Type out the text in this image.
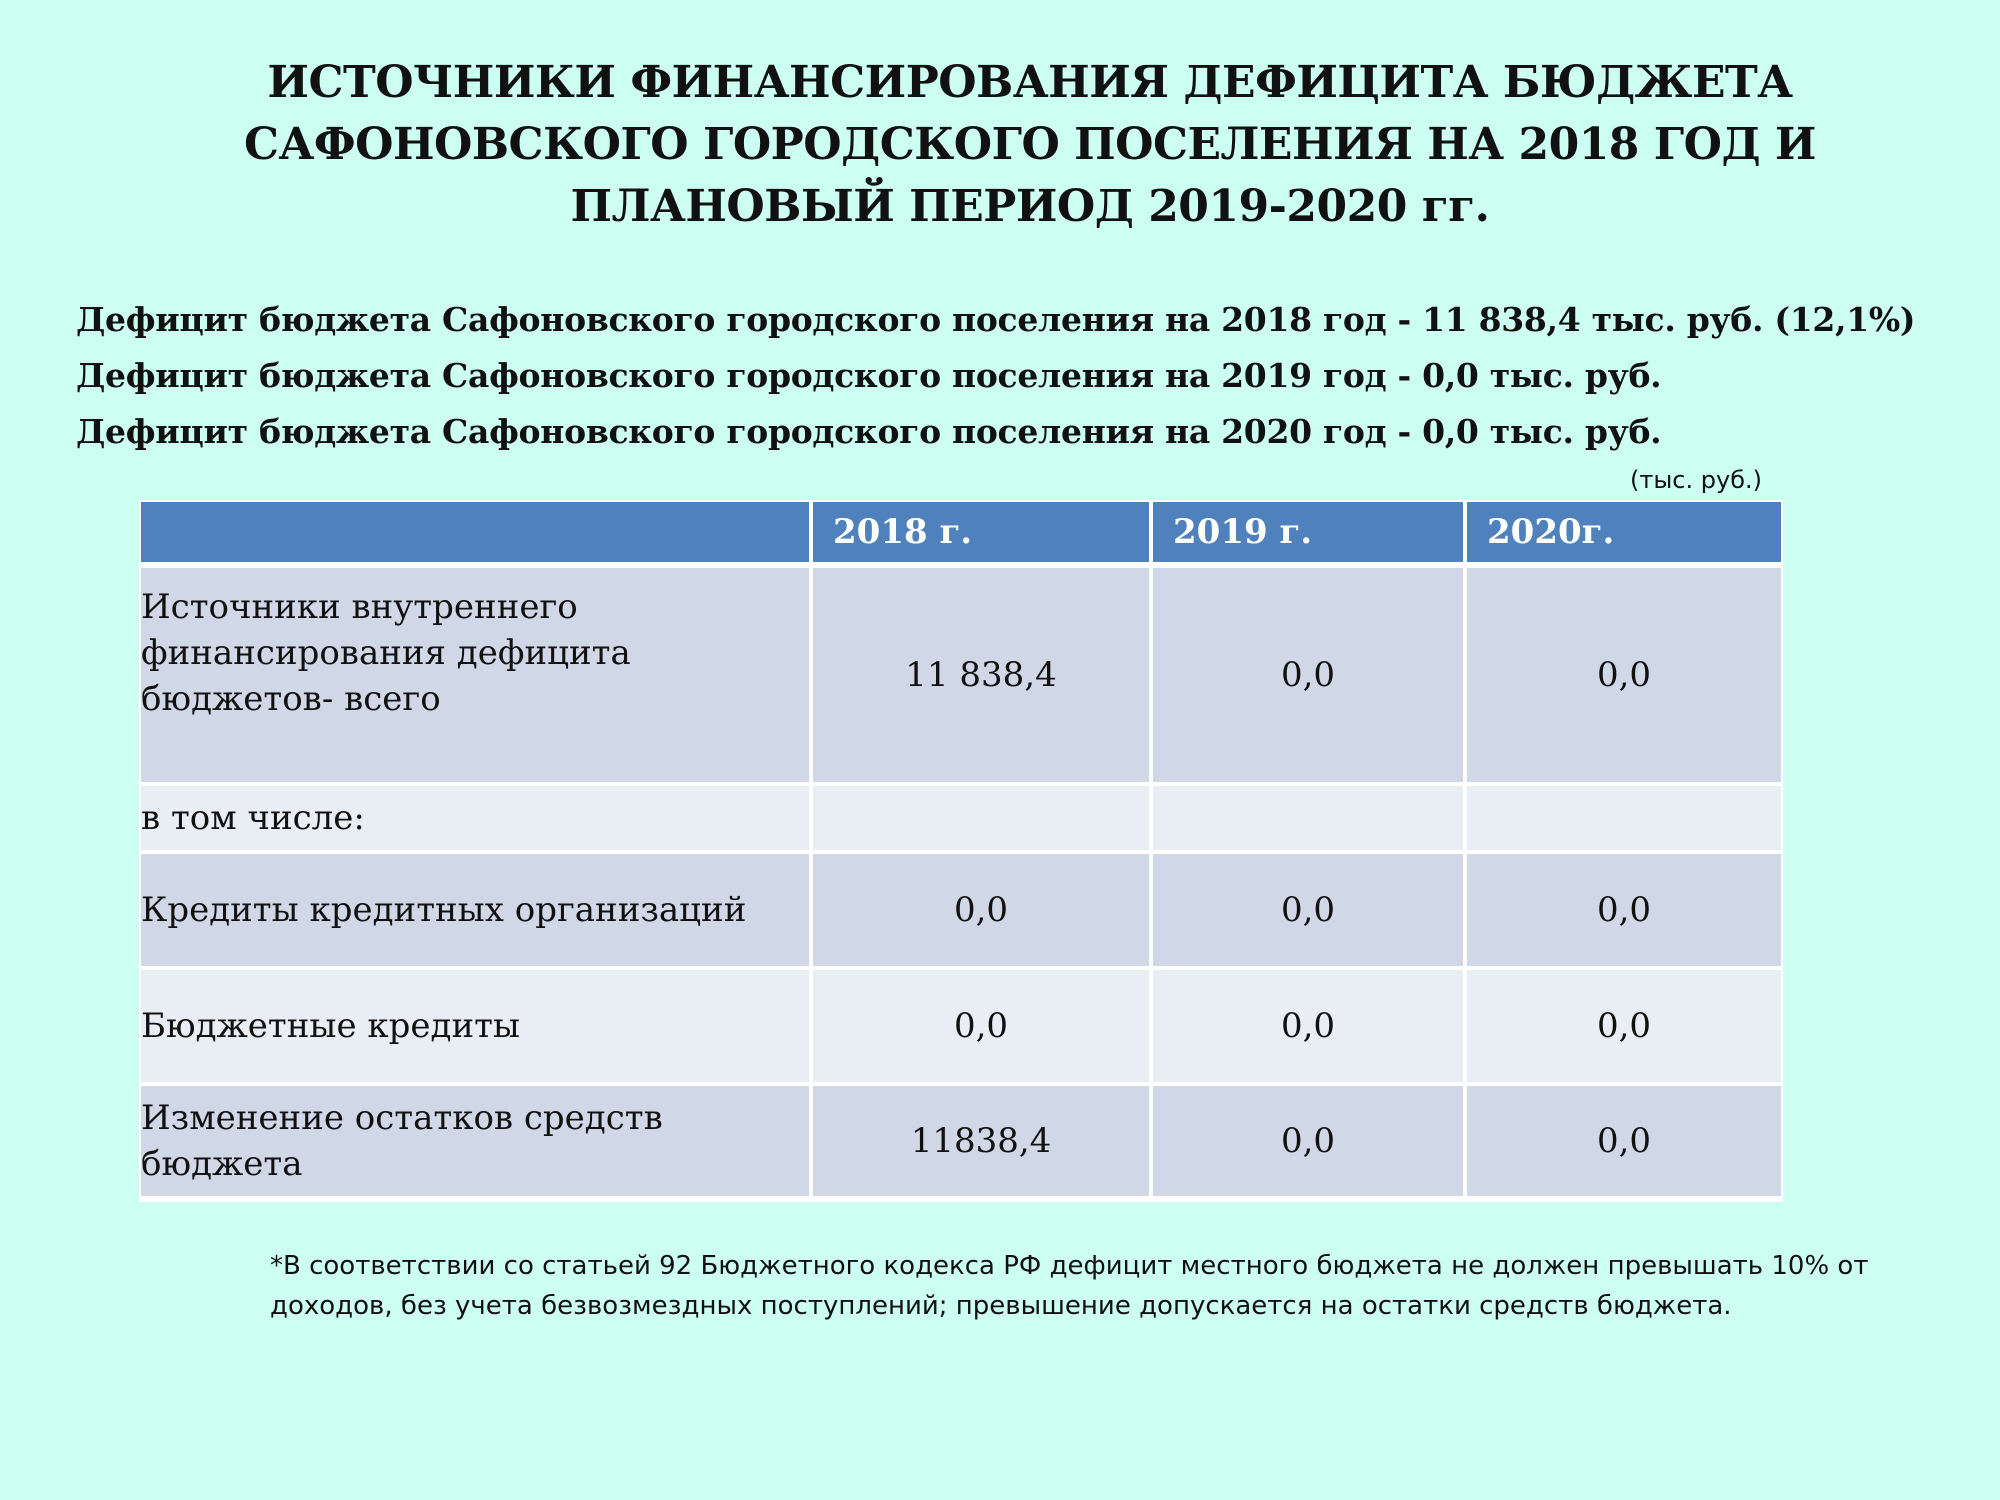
ИСТОЧНИКИ ФИНАНСИРОВАНИЯ ДЕФИЦИТА БЮДЖЕТА
САФОНОВСКОГО ГОРОДСКОГО ПОСЕЛЕНИЯ НА 2018 ГОД И
ПЛАНОВЫЙ ПЕРИОД 2019-2020 гг.
Дефицит бюджета Сафоновского городского поселения на 2018 год - 11 838,4 тыс. руб. (12,1%)
Дефицит бюджета Сафоновского городского поселения на 2019 год - 0,0 тыс. руб.
Дефицит бюджета Сафоновского городского поселения на 2020 год - 0,0 тыс. руб.
(тыс. руб.)
	2018 г.	2019 г.	2020г.
Источники внутреннего финансирования дефицита бюджетов- всего	11 838,4	0,0	0,0
в том числе:			
Кредиты кредитных организаций	0,0	0,0	0,0
Бюджетные кредиты	0,0	0,0	0,0
Изменение остатков средств бюджета	11838,4	0,0	0,0
*В соответствии со статьей 92 Бюджетного кодекса РФ дефицит местного бюджета не должен превышать 10% от доходов, без учета безвозмездных поступлений; превышение допускается на остатки средств бюджета.
